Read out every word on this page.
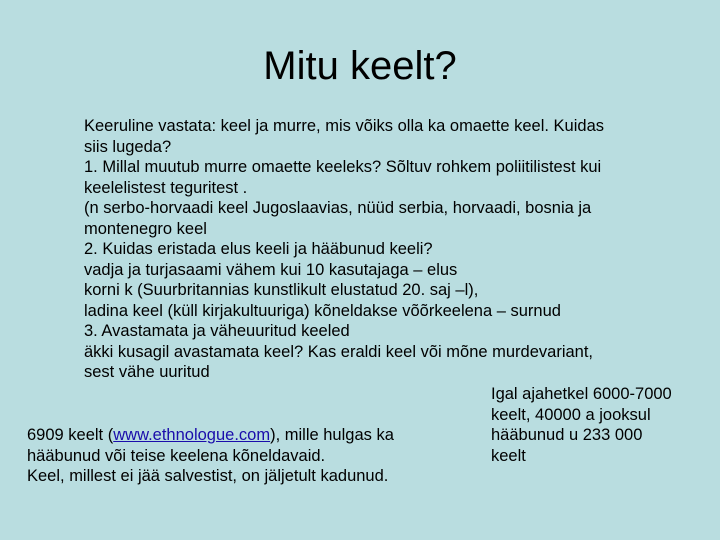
Mitu keelt?
Keeruline vastata: keel ja murre, mis võiks olla ka omaette keel. Kuidas
siis lugeda?
1. Millal muutub murre omaette keeleks? Sõltuv rohkem poliitilistest kui
keelelistest teguritest .
(n serbo-horvaadi keel Jugoslaavias, nüüd serbia, horvaadi, bosnia ja
montenegro keel
2. Kuidas eristada elus keeli ja hääbunud keeli?
vadja ja turjasaami vähem kui 10 kasutajaga – elus
korni k (Suurbritannias kunstlikult elustatud 20. saj –l),
ladina keel (küll kirjakultuuriga) kõneldakse võõrkeelena – surnud
3. Avastamata ja väheuuritud keeled
äkki kusagil avastamata keel? Kas eraldi keel või mõne murdevariant,
sest vähe uuritud
Igal ajahetkel 6000-7000
keelt, 40000 a jooksul
hääbunud u 233 000
keelt
6909 keelt (www.ethnologue.com), mille hulgas ka
hääbunud või teise keelena kõneldavaid.
Keel, millest ei jää salvestist, on jäljetult kadunud.
